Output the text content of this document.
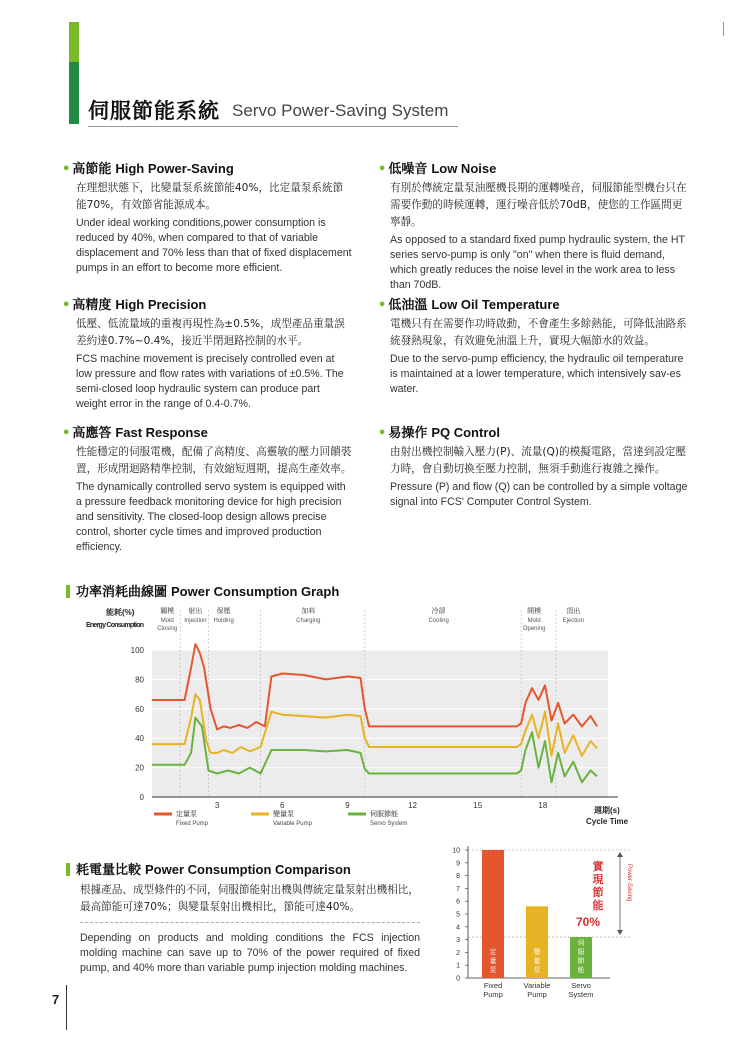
伺服節能系統 Servo Power-Saving System
• 高節能 High Power-Saving

在理想狀態下，比變量泵系統節能40%，比定量泵系統節能70%，有效節省能源成本。

Under ideal working conditions,power consumption is reduced by 40%, when compared to that of variable displacement and 70% less than that of fixed displacement pumps in an effort to become more efficient.

• 低噪音 Low Noise

有別於傳統定量泵油壓機長期的運轉噪音，伺服節能型機台只在需要作動的時候運轉，運行噪音低於70dB，使您的工作區間更寧靜。

As opposed to a standard fixed pump hydraulic system, the HT series servo-pump is only "on" when there is fluid demand, which greatly reduces the noise level in the work area to less than 70dB.

• 高精度 High Precision

低壓、低流量域的重複再現性為±0.5%，成型產品重量誤差約達0.7%~0.4%，接近半閉迴路控制的水平。

FCS machine movement is precisely controlled even at low pressure and flow rates with variations of ±0.5%. The semi-closed loop hydraulic system can produce part weight error in the range of 0.4-0.7%.

• 低油溫 Low Oil Temperature

電機只有在需要作功時啟動，不會產生多餘熱能，可降低油路系統發熱現象，有效避免油溫上升，實現大幅節水的效益。

Due to the servo-pump efficiency, the hydraulic oil temperature is maintained at a lower temperature, which intensively sav-es water.

• 高應答 Fast Response

性能穩定的伺服電機，配備了高精度、高靈敏的壓力回饋裝置，形成閉迴路精準控制，有效縮短週期，提高生產效率。

The dynamically controlled servo system is equipped with a pressure feedback monitoring device for high precision and sensitivity. The closed-loop design allows precise control, shorter cycle times and improved production efficiency.

• 易操作 PQ Control

由射出機控制輸入壓力(P)、流量(Q)的模擬電路，當達到設定壓力時，會自動切換至壓力控制，無須手動進行複雜之操作。

Pressure (P) and flow (Q) can be controlled by a simple voltage signal into FCS' Computer Control System.

功率消耗曲線圖 Power Consumption Graph
關模
Mold
Closing
射出
Injection
保壓
Holding
加料
Charging
冷卻
Cooling
開模
Mold
Opening
頂出
Ejection
0
20
40
60
80
100
3	6	9	12	15	18
定量泵
Fixed Pump
變量泵
Variable Pump
伺服節能
Servo System
能耗(%)
Energy Consumption
週期(s)
Cycle Time
耗電量比較 Power Consumption Comparison

根據產品、成型條件的不同，伺服節能射出機與傳統定量泵射出機相比，最高節能可達70%；與變量泵射出機相比，節能可達40%。

Depending on products and molding conditions the FCS injection molding machine can save up to 70% of the power required of fixed pump, and 40% more than variable pump injection molding machines.

0
1
2
3
4
5
6
7
8
9
10
定
量
泵
變
量
泵
伺
服
節
能
Fixed
Pump
Variable
Pump
Servo
System
實
現
節
能
Power-Saving
70%
7
